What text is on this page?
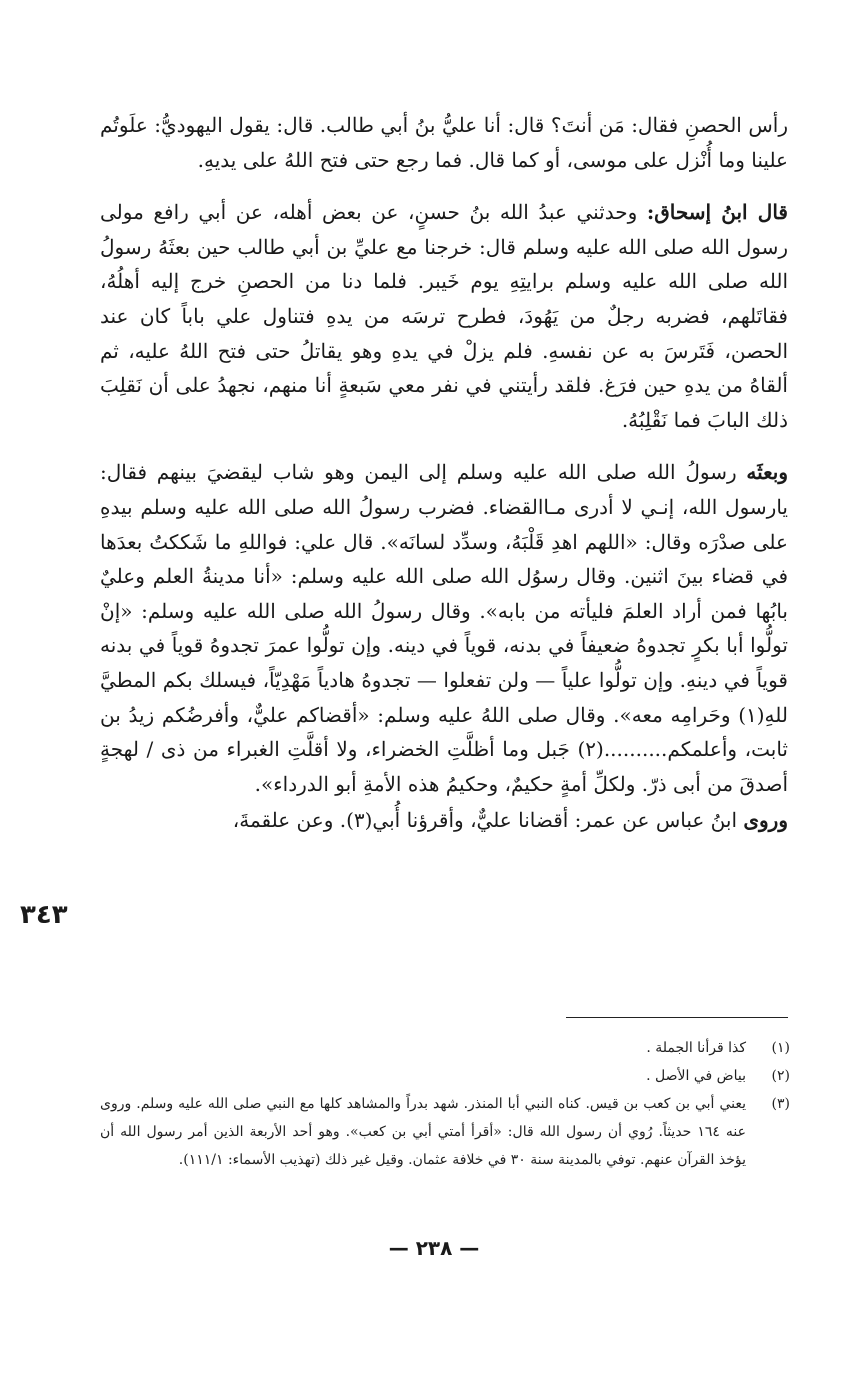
رأس الحصنِ فقال: مَن أنتَ؟ قال: أنا عليُّ بنُ أبي طالب. قال: يقول اليهوديُّ: علَوتُم علينا وما أُنْزل على موسى، أو كما قال. فما رجع حتى فتح اللهُ على يديهِ.

قال ابنُ إسحاق: وحدثني عبدُ الله بنُ حسنٍ، عن بعض أهله، عن أبي رافع مولى رسول الله صلى الله عليه وسلم قال: خرجنا مع عليِّ بن أبي طالب حين بعثَهُ رسولُ الله صلى الله عليه وسلم برايتِهِ يوم خَيبر. فلما دنا من الحصنِ خرج إليه أهلُهُ، فقاتَلهم، فضربه رجلٌ من يَهُودَ، فطرح ترسَه من يدهِ فتناول علي باباً كان عند الحصن، فَتَرسَ به عن نفسهِ. فلم يزلْ في يدهِ وهو يقاتلُ حتى فتح اللهُ عليه، ثم ألقاهُ من يدهِ حين فرَغ. فلقد رأيتني في نفر معي سَبعةٍ أنا منهم، نجهدُ على أن نَقلِبَ ذلك البابَ فما نَقْلِبُهُ.

وبعثَه رسولُ الله صلى الله عليه وسلم إلى اليمن وهو شاب ليقضيَ بينهم فقال: يارسول الله، إنـي لا أدرى مـاالقضاء. فضرب رسولُ الله صلى الله عليه وسلم بيدهِ على صدْرَه وقال: «اللهم اهدِ قَلْبَهُ، وسدِّد لسانَه». قال علي: فواللهِ ما شَككتُ بعدَها في قضاء بينَ اثنين. وقال رسوُل الله صلى الله عليه وسلم: «أنا مدينةُ العلم وعليٌ بابُها فمن أراد العلمَ فليأته من بابه». وقال رسولُ الله صلى الله عليه وسلم: «إنْ تولُّوا أبا بكرٍ تجدوهُ ضعيفاً في بدنه، قوياً في دينه. وإن تولُّوا عمرَ تجدوهُ قوياً في بدنه قوياً في دينهِ. وإن تولُّوا علياً — ولن تفعلوا — تجدوهُ هادياً مَهْدِيّاً، فيسلك بكم المطيَّ للهِ(١) وحَرامِه معه». وقال صلى اللهُ عليه وسلم: «أقضاكم عليٌّ، وأفرضُكم زيدُ بن ثابت، وأعلمكم..........(٢) جَبل وما أظلَّتِ الخضراء، ولا أقلَّتِ الغبراء من ذى / لهجةٍ أصدقَ من أبى ذرّ. ولكلِّ أمةٍ حكيمٌ، وحكيمُ هذه الأمةِ أبو الدرداء».

وروى ابنُ عباس عن عمر: أقضانا عليٌّ، وأقرؤنا أُبي(٣). وعن علقمةَ،

٣٤٣
(١)
كذا قرأنا الجملة .
(٢)
بياض في الأصل .
(٣)
يعني أبي بن كعب بن قيس. كناه النبي أبا المنذر. شهد بدراً والمشاهد كلها مع النبي صلى الله عليه وسلم. وروى عنه ١٦٤ حديثاً. رُوي أن رسول الله قال: «أقرأ أمتي أبي بن كعب». وهو أحد الأربعة الذين أمر رسول الله أن يؤخذ القرآن عنهم. توفي بالمدينة سنة ٣٠ في خلافة عثمان. وقيل غير ذلك (تهذيب الأسماء: ١١١/١).
— ٢٣٨ —
